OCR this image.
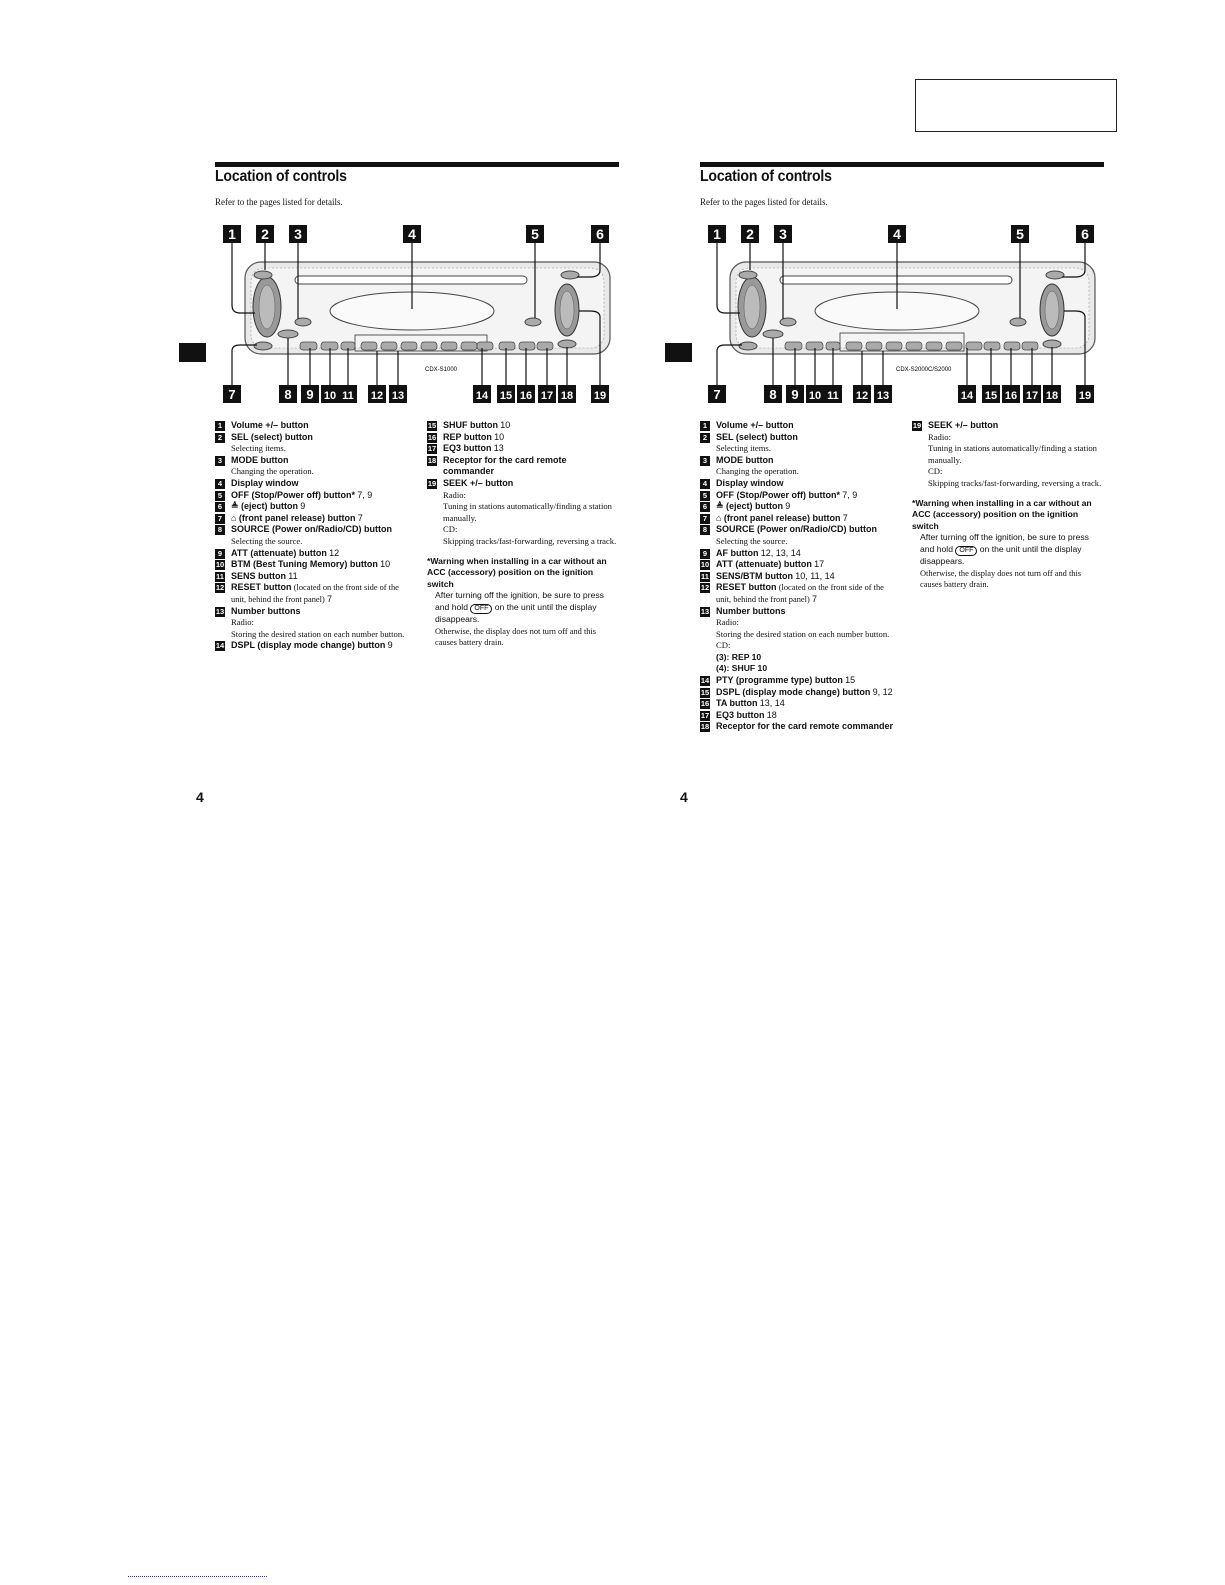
Location of controls
Refer to the pages listed for details.
CDX-S1000
1 2 3	4	5	6
7	8 9 10 11 12 13	14 15 16 17 18 19
1 Volume +/– button
2 SEL (select) button
Selecting items.
3 MODE button
Changing the operation.
4 Display window
5 OFF (Stop/Power off) button* 7, 9
6 ≜ (eject) button 9
7 ⌂ (front panel release) button 7
8 SOURCE (Power on/Radio/CD) button
Selecting the source.
9 ATT (attenuate) button 12
10 BTM (Best Tuning Memory) button 10
11 SENS button 11
12 RESET button (located on the front side of the unit, behind the front panel) 7
13 Number buttons
Radio:
Storing the desired station on each number button.
14 DSPL (display mode change) button 9
15 SHUF button 10
16 REP button 10
17 EQ3 button 13
18 Receptor for the card remote commander
19 SEEK +/– button
Radio:
Tuning in stations automatically/finding a station manually.
CD:
Skipping tracks/fast-forwarding, reversing a track.
*Warning when installing in a car without an ACC (accessory) position on the ignition switch
After turning off the ignition, be sure to press and hold OFF on the unit until the display disappears.
Otherwise, the display does not turn off and this causes battery drain.
4
Location of controls
Refer to the pages listed for details.
CDX-S2000C/S2000
1 2 3	4	5	6
7	8 9 10 11 12 13	14 15 16 17 18 19
1 Volume +/– button
2 SEL (select) button
Selecting items.
3 MODE button
Changing the operation.
4 Display window
5 OFF (Stop/Power off) button* 7, 9
6 ≜ (eject) button 9
7 ⌂ (front panel release) button 7
8 SOURCE (Power on/Radio/CD) button
Selecting the source.
9 AF button 12, 13, 14
10 ATT (attenuate) button 17
11 SENS/BTM button 10, 11, 14
12 RESET button (located on the front side of the unit, behind the front panel) 7
13 Number buttons
Radio:
Storing the desired station on each number button.
CD:
(3): REP 10
(4): SHUF 10
14 PTY (programme type) button 15
15 DSPL (display mode change) button 9, 12
16 TA button 13, 14
17 EQ3 button 18
18 Receptor for the card remote commander
19 SEEK +/– button
Radio:
Tuning in stations automatically/finding a station manually.
CD:
Skipping tracks/fast-forwarding, reversing a track.
*Warning when installing in a car without an ACC (accessory) position on the ignition switch
After turning off the ignition, be sure to press and hold OFF on the unit until the display disappears.
Otherwise, the display does not turn off and this causes battery drain.
4
